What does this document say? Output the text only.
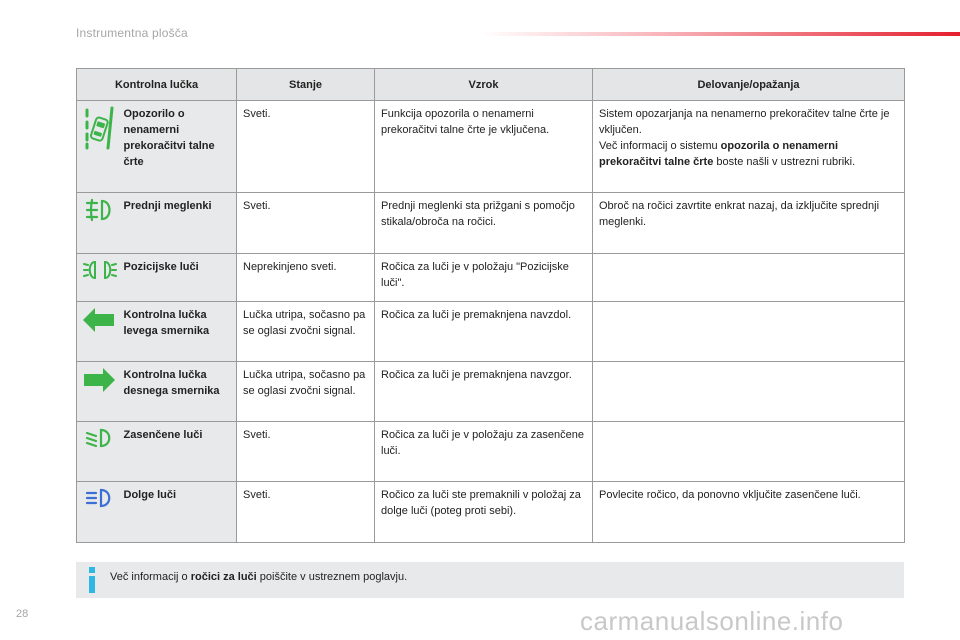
Instrumentna plošča
Kontrolna lučka		Stanje	Vzrok	Delovanje/opažanja

	Opozorilo o nenamerni prekoračitvi talne črte	Sveti.	Funkcija opozorila o nenamerni prekoračitvi talne črte je vključena.	Sistem opozarjanja na nenamerno prekoračitev talne črte je vključen.
Več informacij o sistemu opozorila o nenamerni prekoračitvi talne črte boste našli v ustrezni rubriki.

	Prednji meglenki	Sveti.	Prednji meglenki sta prižgani s pomočjo stikala/obroča na ročici.	Obroč na ročici zavrtite enkrat nazaj, da izključite sprednji meglenki.

	Pozicijske luči	Neprekinjeno sveti.	Ročica za luči je v položaju "Pozicijske luči".	

	Kontrolna lučka levega smernika	Lučka utripa, sočasno pa se oglasi zvočni signal.	Ročica za luči je premaknjena navzdol.	

	Kontrolna lučka desnega smernika	Lučka utripa, sočasno pa se oglasi zvočni signal.	Ročica za luči je premaknjena navzgor.	

	Zasenčene luči	Sveti.	Ročica za luči je v položaju za zasenčene luči.	

	Dolge luči	Sveti.	Ročico za luči ste premaknili v položaj za dolge luči (poteg proti sebi).	Povlecite ročico, da ponovno vključite zasenčene luči.
Več informacij o ročici za luči poiščite v ustreznem poglavju.
28	carmanualsonline.info
